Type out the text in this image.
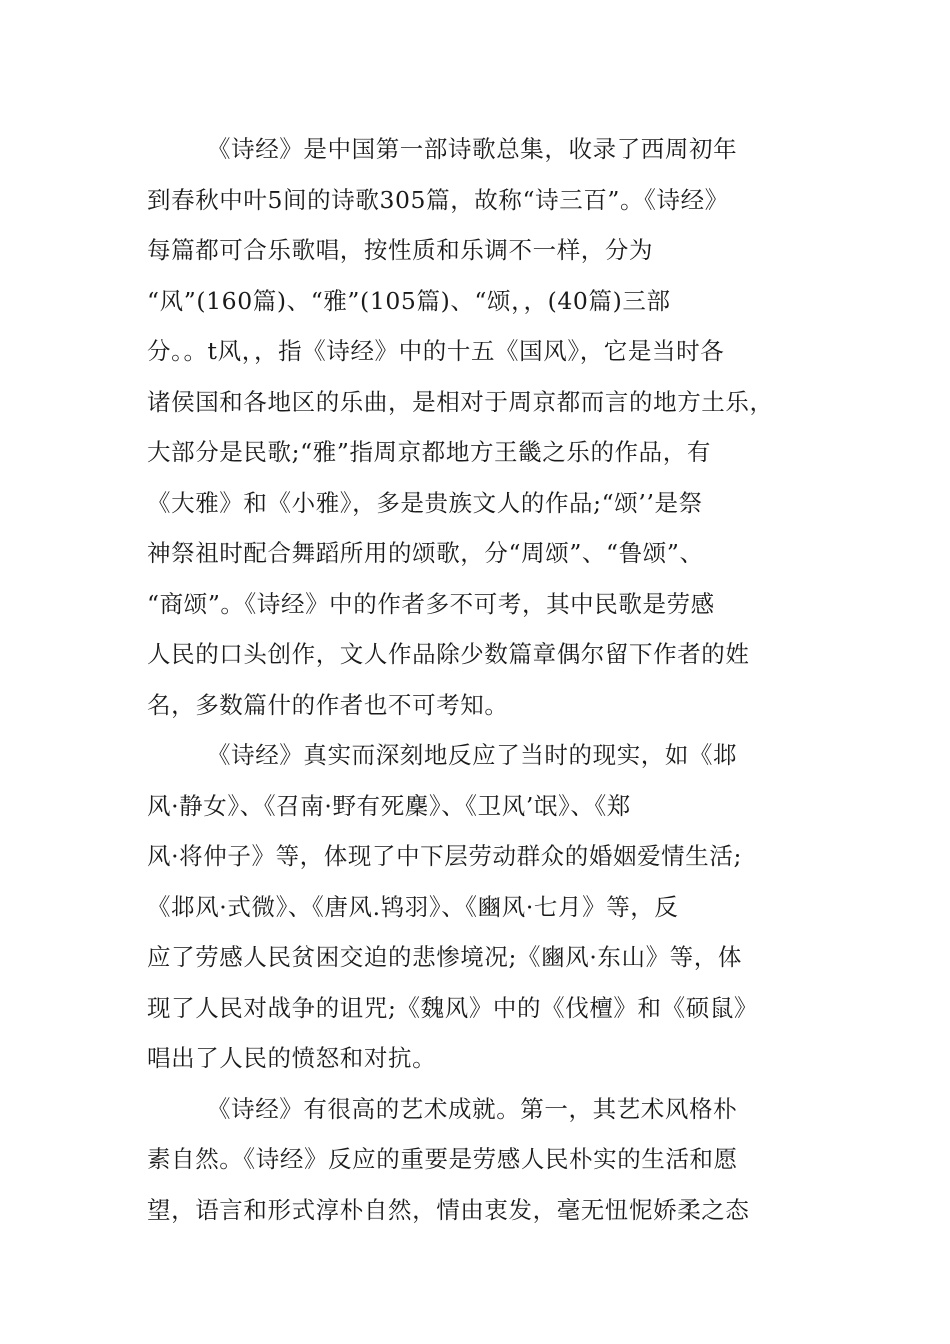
《诗经》是中国第一部诗歌总集，收录了西周初年
到春秋中叶5间的诗歌305篇，故称“诗三百”。《诗经》
每篇都可合乐歌唱，按性质和乐调不一样，分为
“风”(160篇)、“雅”(105篇)、“颂，，(40篇)三部
分。。t风，，指《诗经》中的十五《国风》，它是当时各
诸侯国和各地区的乐曲，是相对于周京都而言的地方土乐，
大部分是民歌;“雅”指周京都地方王畿之乐的作品，有
《大雅》和《小雅》，多是贵族文人的作品;“颂’’是祭
神祭祖时配合舞蹈所用的颂歌，分“周颂”、“鲁颂”、
“商颂”。《诗经》中的作者多不可考，其中民歌是劳感
人民的口头创作，文人作品除少数篇章偶尔留下作者的姓
名，多数篇什的作者也不可考知。
《诗经》真实而深刻地反应了当时的现实，如《邶
风·静女》、《召南·野有死麇》、《卫风’氓》、《郑
风·将仲子》等，体现了中下层劳动群众的婚姻爱情生活;
《邶风·式微》、《唐风.鸨羽》、《豳风·七月》等，反
应了劳感人民贫困交迫的悲惨境况;《豳风·东山》等，体
现了人民对战争的诅咒;《魏风》中的《伐檀》和《硕鼠》
唱出了人民的愤怒和对抗。
《诗经》有很高的艺术成就。第一，其艺术风格朴
素自然。《诗经》反应的重要是劳感人民朴实的生活和愿
望，语言和形式淳朴自然，情由衷发，毫无忸怩娇柔之态
